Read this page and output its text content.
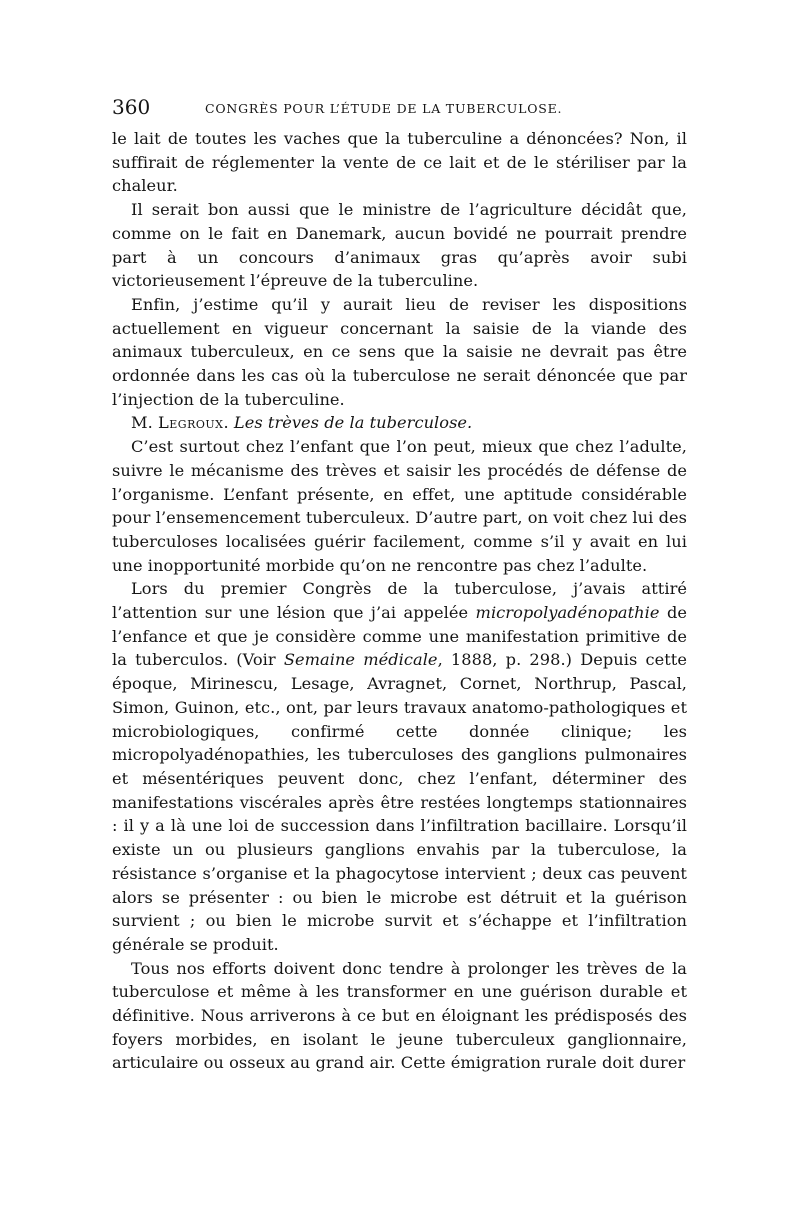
360	CONGRÈS POUR L’ÉTUDE DE LA TUBERCULOSE.

le lait de toutes les vaches que la tuberculine a dénoncées? Non, il suffirait de réglementer la vente de ce lait et de le stériliser par la chaleur.

Il serait bon aussi que le ministre de l’agriculture décidât que, comme on le fait en Danemark, aucun bovidé ne pourrait prendre part à un concours d’animaux gras qu’après avoir subi victorieusement l’épreuve de la tuberculine.

Enfin, j’estime qu’il y aurait lieu de reviser les dispositions actuellement en vigueur concernant la saisie de la viande des animaux tuberculeux, en ce sens que la saisie ne devrait pas être ordonnée dans les cas où la tuberculose ne serait dénoncée que par l’injection de la tuberculine.

M. Legroux. Les trèves de la tuberculose.

C’est surtout chez l’enfant que l’on peut, mieux que chez l’adulte, suivre le mécanisme des trèves et saisir les procédés de défense de l’organisme. L’enfant présente, en effet, une aptitude considérable pour l’ensemencement tuberculeux. D’autre part, on voit chez lui des tuberculoses localisées guérir facilement, comme s’il y avait en lui une inopportunité morbide qu’on ne rencontre pas chez l’adulte.

Lors du premier Congrès de la tuberculose, j’avais attiré l’attention sur une lésion que j’ai appelée micropolyadénopathie de l’enfance et que je considère comme une manifestation primitive de la tuberculos. (Voir Semaine médicale, 1888, p. 298.) Depuis cette époque, Mirinescu, Lesage, Avragnet, Cornet, Northrup, Pascal, Simon, Guinon, etc., ont, par leurs travaux anatomo-pathologiques et microbiologiques, confirmé cette donnée clinique; les micropolyadénopathies, les tuberculoses des ganglions pulmonaires et mésentériques peuvent donc, chez l’enfant, déterminer des manifestations viscérales après être restées longtemps stationnaires : il y a là une loi de succession dans l’infiltration bacillaire. Lorsqu’il existe un ou plusieurs ganglions envahis par la tuberculose, la résistance s’organise et la phagocytose intervient ; deux cas peuvent alors se présenter : ou bien le microbe est détruit et la guérison survient ; ou bien le microbe survit et s’échappe et l’infiltration générale se produit.

Tous nos efforts doivent donc tendre à prolonger les trèves de la tuberculose et même à les transformer en une guérison durable et définitive. Nous arriverons à ce but en éloignant les prédisposés des foyers morbides, en isolant le jeune tuberculeux ganglionnaire, articulaire ou osseux au grand air. Cette émigration rurale doit durer
